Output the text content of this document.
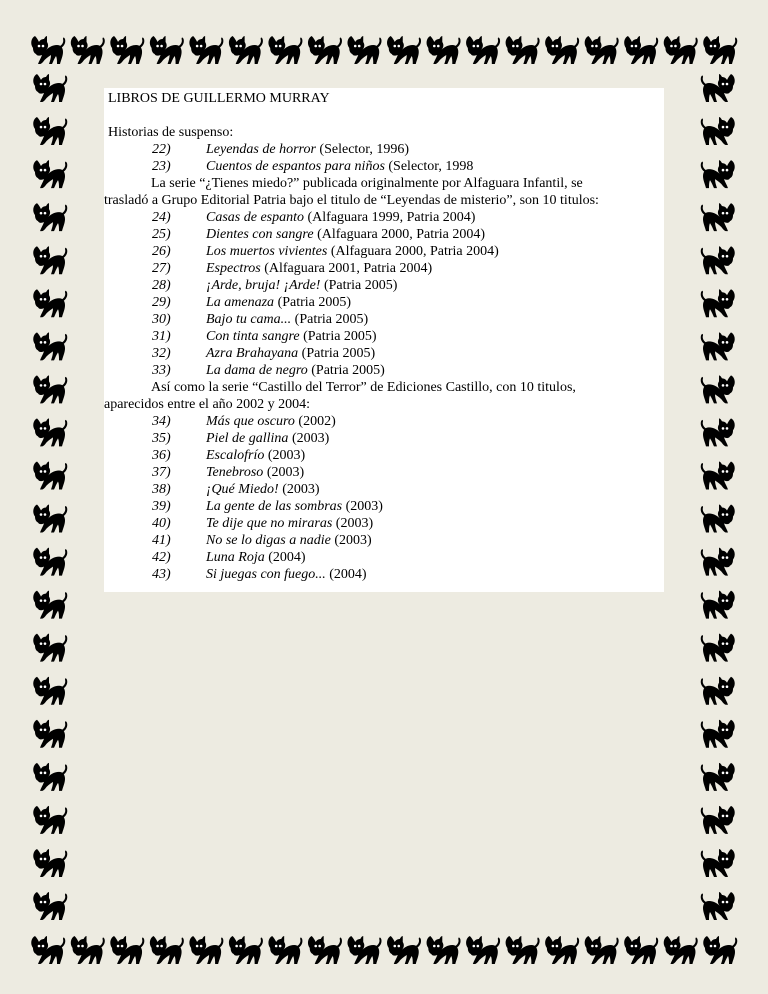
LIBROS DE GUILLERMO MURRAY
Historias de suspenso:
22)	Leyendas de horror (Selector, 1996)
23)	Cuentos de espantos para niños (Selector, 1998
La serie “¿Tienes miedo?” publicada originalmente por Alfaguara Infantil, se
trasladó a Grupo Editorial Patria bajo el titulo de “Leyendas de misterio”, son 10 titulos:
24)	Casas de espanto (Alfaguara 1999, Patria 2004)
25)	Dientes con sangre (Alfaguara 2000, Patria 2004)
26)	Los muertos vivientes (Alfaguara 2000, Patria 2004)
27)	Espectros (Alfaguara 2001, Patria 2004)
28)	¡Arde, bruja! ¡Arde! (Patria 2005)
29)	La amenaza (Patria 2005)
30)	Bajo tu cama... (Patria 2005)
31)	Con tinta sangre (Patria 2005)
32)	Azra Brahayana (Patria 2005)
33)	La dama de negro (Patria 2005)
Así como la serie “Castillo del Terror” de Ediciones Castillo, con 10 titulos,
aparecidos entre el año 2002 y 2004:
34)	Más que oscuro (2002)
35)	Piel de gallina (2003)
36)	Escalofrío (2003)
37)	Tenebroso (2003)
38)	¡Qué Miedo! (2003)
39)	La gente de las sombras (2003)
40)	Te dije que no miraras (2003)
41)	No se lo digas a nadie (2003)
42)	Luna Roja (2004)
43)	Si juegas con fuego... (2004)
